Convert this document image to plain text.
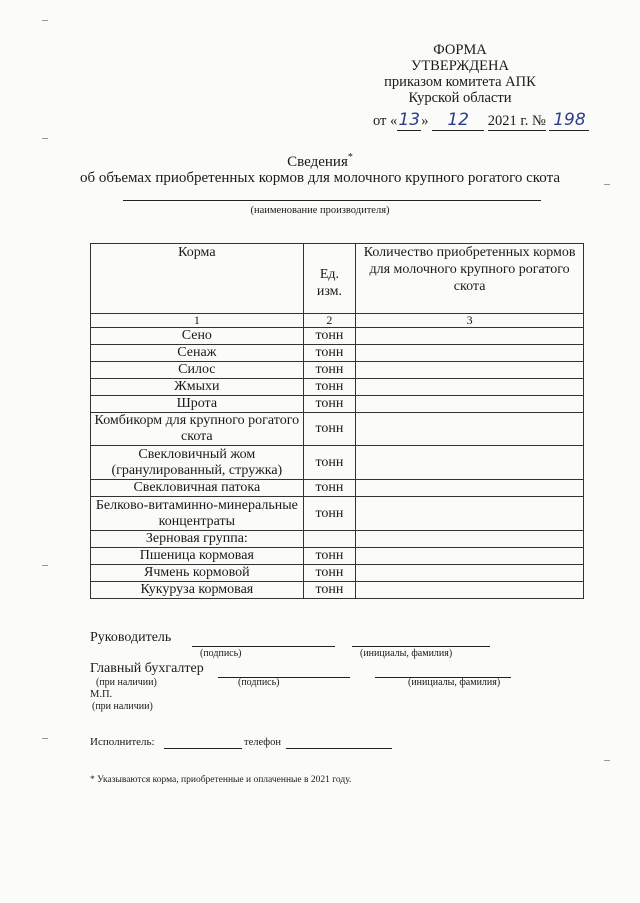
ФОРМА
УТВЕРЖДЕНА
приказом комитета АПК
Курской области
от «13» 12 2021 г. № 198
Сведения*
об объемах приобретенных кормов для молочного крупного рогатого скота
(наименование производителя)
Корма	Ед. изм.	Количество приобретенных кормов для молочного крупного рогатого скота
1	2	3
Сено	тонн	
Сенаж	тонн	
Силос	тонн	
Жмыхи	тонн	
Шрота	тонн	
Комбикорм для крупного рогатого скота	тонн	
Свекловичный жом (гранулированный, стружка)	тонн	
Свекловичная патока	тонн	
Белково-витаминно-минеральные концентраты	тонн	
Зерновая группа:		
Пшеница кормовая	тонн	
Ячмень кормовой	тонн	
Кукуруза кормовая	тонн	
Руководитель
(подпись)	(инициалы, фамилия)
Главный бухгалтер
(при наличии)	(подпись)	(инициалы, фамилия)
М.П.
(при наличии)
Исполнитель:	телефон
* Указываются корма, приобретенные и оплаченные в 2021 году.
